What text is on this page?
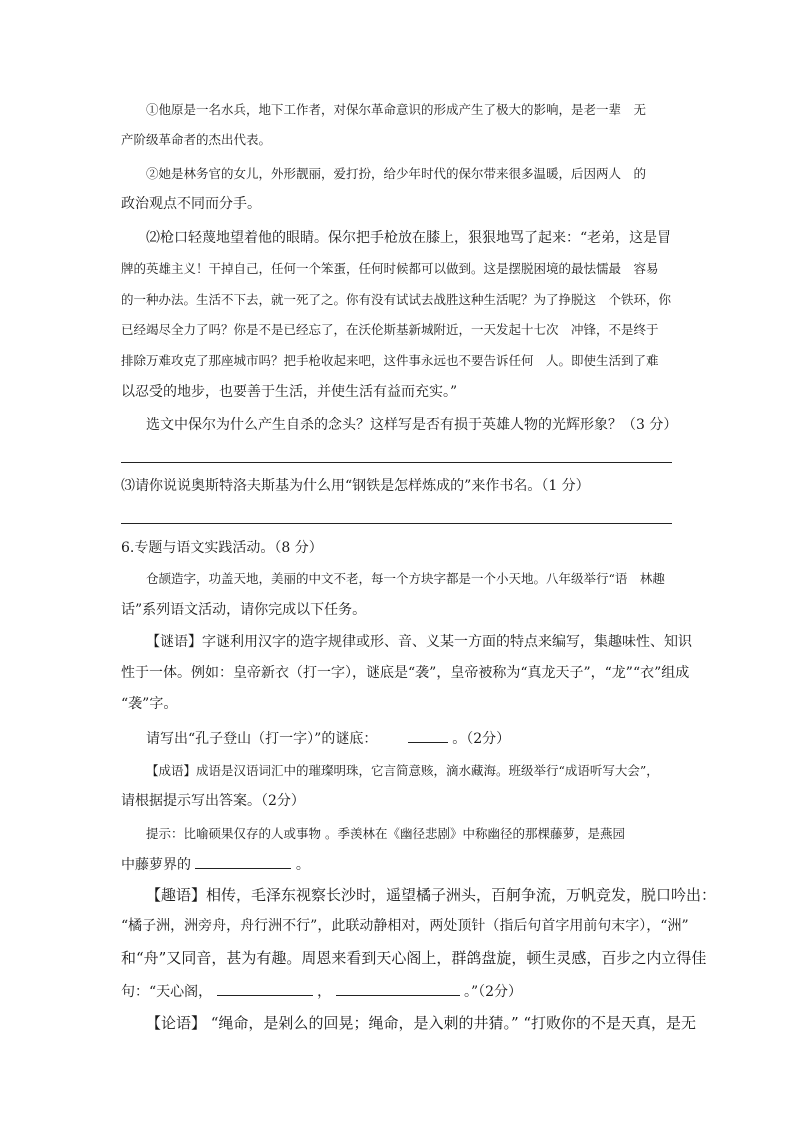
①他原是一名水兵，地下工作者，对保尔革命意识的形成产生了极大的影响，是老一辈　无
产阶级革命者的杰出代表。
②她是林务官的女儿，外形靓丽，爱打扮，给少年时代的保尔带来很多温暖，后因两人　的
政治观点不同而分手。
⑵枪口轻蔑地望着他的眼睛。保尔把手枪放在膝上，狠狠地骂了起来：“老弟，这是冒
牌的英雄主义！干掉自己，任何一个笨蛋，任何时候都可以做到。这是摆脱困境的最怯懦最　容易
的一种办法。生活不下去，就一死了之。你有没有试试去战胜这种生活呢？为了挣脱这　个铁环，你
已经竭尽全力了吗？你是不是已经忘了，在沃伦斯基新城附近，一天发起十七次　冲锋，不是终于
排除万难攻克了那座城市吗？把手枪收起来吧，这件事永远也不要告诉任何　人。即使生活到了难
以忍受的地步，也要善于生活，并使生活有益而充实。”
选文中保尔为什么产生自杀的念头？这样写是否有损于英雄人物的光辉形象？（3 分）
⑶请你说说奥斯特洛夫斯基为什么用“钢铁是怎样炼成的”来作书名。（1 分）
6.专题与语文实践活动。（8 分）
仓颉造字，功盖天地，美丽的中文不老，每一个方块字都是一个小天地。八年级举行“语　林趣
话”系列语文活动，请你完成以下任务。
【谜语】字谜利用汉字的造字规律或形、音、义某一方面的特点来编写，集趣味性、知识
性于一体。例如：皇帝新衣（打一字），谜底是“袭”，皇帝被称为“真龙天子”，“龙”“衣”组成
“袭”字。
请写出“孔子登山（打一字）”的谜底：	。（2分）
【成语】成语是汉语词汇中的璀璨明珠，它言简意赅，滴水藏海。班级举行“成语听写大会”，
请根据提示写出答案。（2分）
提示：比喻硕果仅存的人或事物 。季羡林在《幽径悲剧》中称幽径的那棵藤萝，是燕园
中藤萝界的	。
【趣语】相传，毛泽东视察长沙时，遥望橘子洲头，百舸争流，万帆竞发，脱口吟出：
“橘子洲，洲旁舟，舟行洲不行”，此联动静相对，两处顶针（指后句首字用前句末字），“洲”
和“舟”又同音，甚为有趣。周恩来看到天心阁上，群鸽盘旋，顿生灵感，百步之内立得佳
句：“天心阁，	，	。”（2分）
【论语】 “绳命，是剁么的回晃；绳命，是入刺的井猜。” “打败你的不是天真，是无
